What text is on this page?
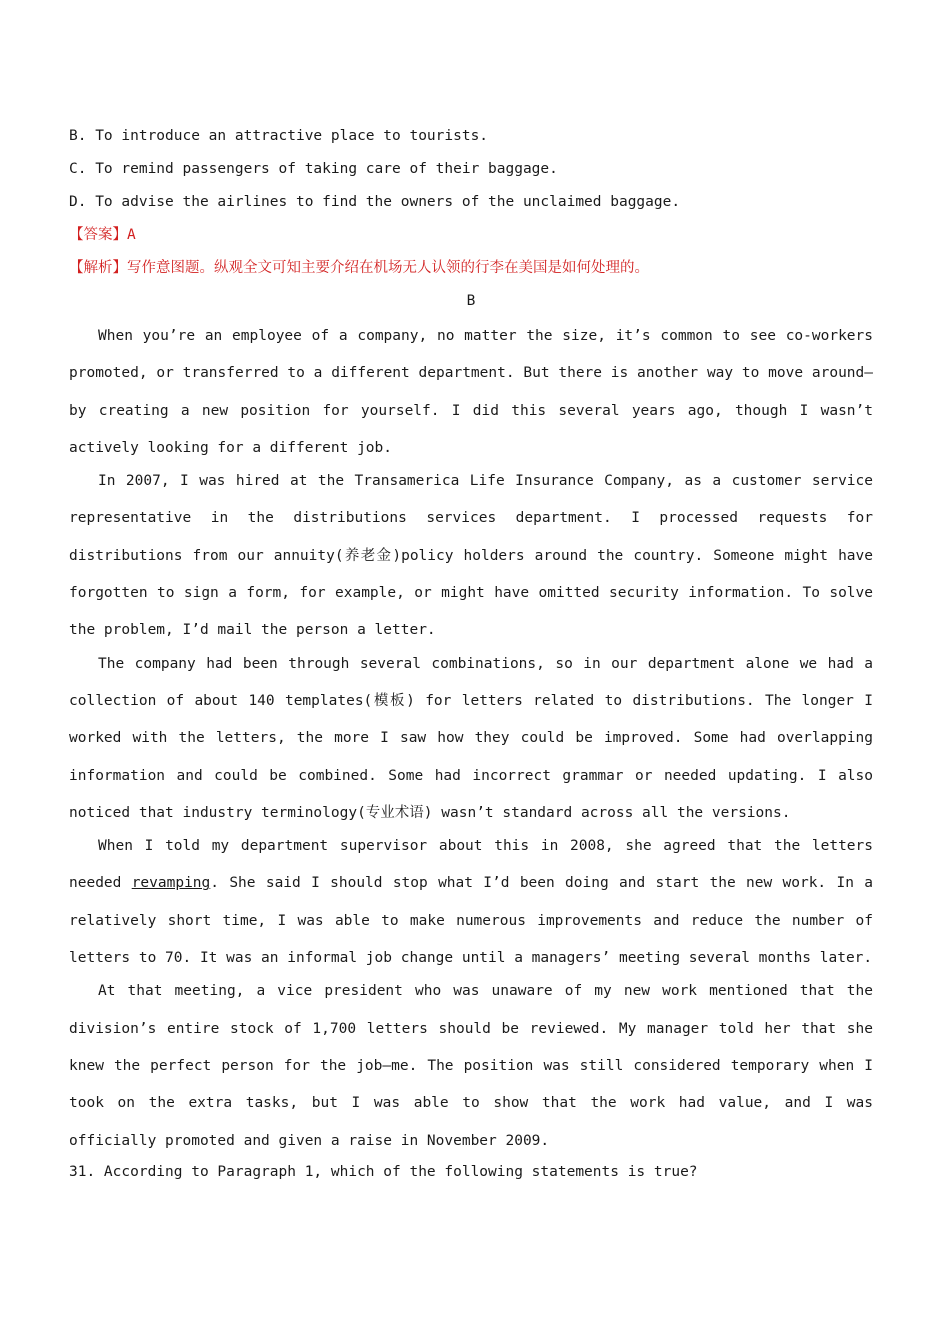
B. To introduce an attractive place to tourists.
C. To remind passengers of taking care of their baggage.
D. To advise the airlines to find the owners of the unclaimed baggage.
【答案】A
【解析】写作意图题。纵观全文可知主要介绍在机场无人认领的行李在美国是如何处理的。
B

When you’re an employee of a company, no matter the size, it’s common to see co-workers promoted, or transferred to a different department. But there is another way to move around—by creating a new position for yourself. I did this several years ago, though I wasn’t actively looking for a different job.

In 2007, I was hired at the Transamerica Life Insurance Company, as a customer service representative in the distributions services department. I processed requests for distributions from our annuity(养老金)policy holders around the country. Someone might have forgotten to sign a form, for example, or might have omitted security information. To solve the problem, I’d mail the person a letter.

The company had been through several combinations, so in our department alone we had a collection of about 140 templates(模板) for letters related to distributions. The longer I worked with the letters, the more I saw how they could be improved. Some had overlapping information and could be combined. Some had incorrect grammar or needed updating. I also noticed that industry terminology(专业术语) wasn’t standard across all the versions.

When I told my department supervisor about this in 2008, she agreed that the letters needed revamping. She said I should stop what I’d been doing and start the new work. In a relatively short time, I was able to make numerous improvements and reduce the number of letters to 70. It was an informal job change until a managers’ meeting several months later.

At that meeting, a vice president who was unaware of my new work mentioned that the division’s entire stock of 1,700 letters should be reviewed. My manager told her that she knew the perfect person for the job—me. The position was still considered temporary when I took on the extra tasks, but I was able to show that the work had value, and I was officially promoted and given a raise in November 2009.

31. According to Paragraph 1, which of the following statements is true?
